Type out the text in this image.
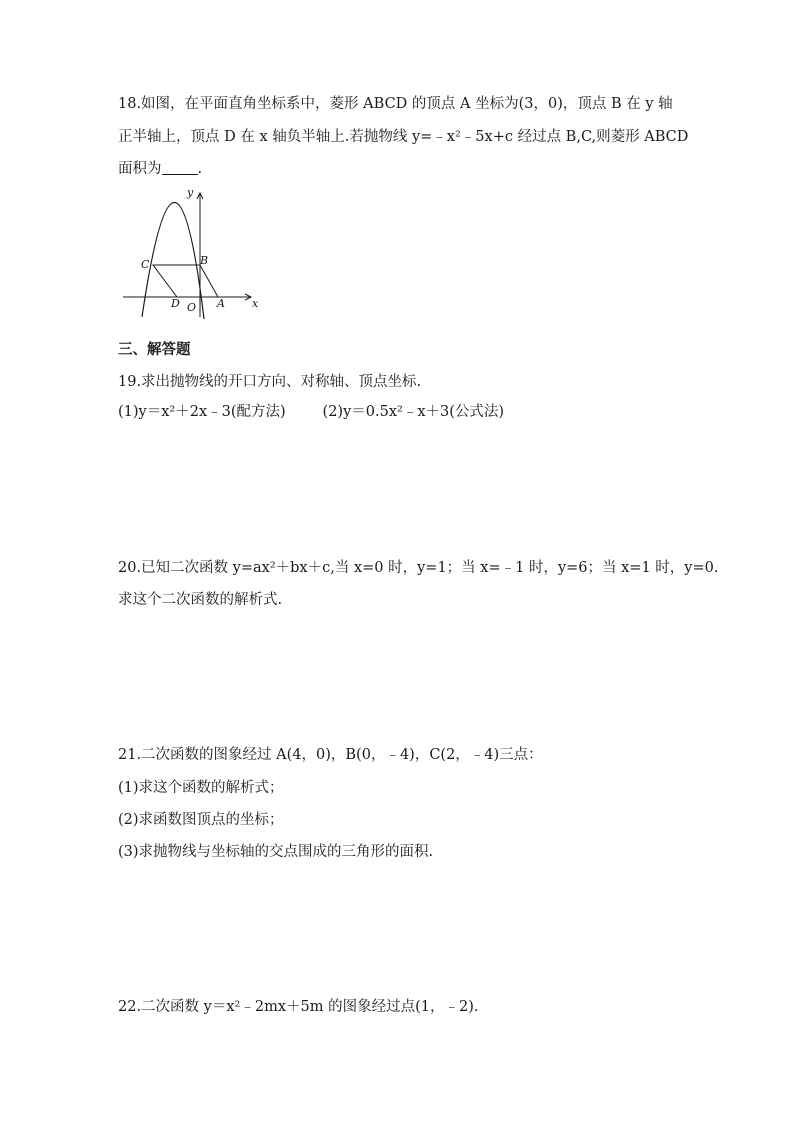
18.如图，在平面直角坐标系中，菱形 ABCD 的顶点 A 坐标为(3，0)，顶点 B 在 y 轴
正半轴上，顶点 D 在 x 轴负半轴上.若抛物线 y=﹣x²﹣5x+c 经过点 B,C,则菱形 ABCD
面积为 .
y
x
A
B
C
D O
三、解答题
19.求出抛物线的开口方向、对称轴、顶点坐标.
(1)y＝x²＋2x﹣3(配方法)        (2)y＝0.5x²﹣x＋3(公式法)
20.已知二次函数 y=ax²＋bx＋c,当 x=0 时，y=1；当 x=﹣1 时，y=6；当 x=1 时，y=0.
求这个二次函数的解析式.
21.二次函数的图象经过 A(4，0)，B(0，﹣4)，C(2，﹣4)三点：
(1)求这个函数的解析式；
(2)求函数图顶点的坐标；
(3)求抛物线与坐标轴的交点围成的三角形的面积.
22.二次函数 y＝x²﹣2mx＋5m 的图象经过点(1，﹣2).
